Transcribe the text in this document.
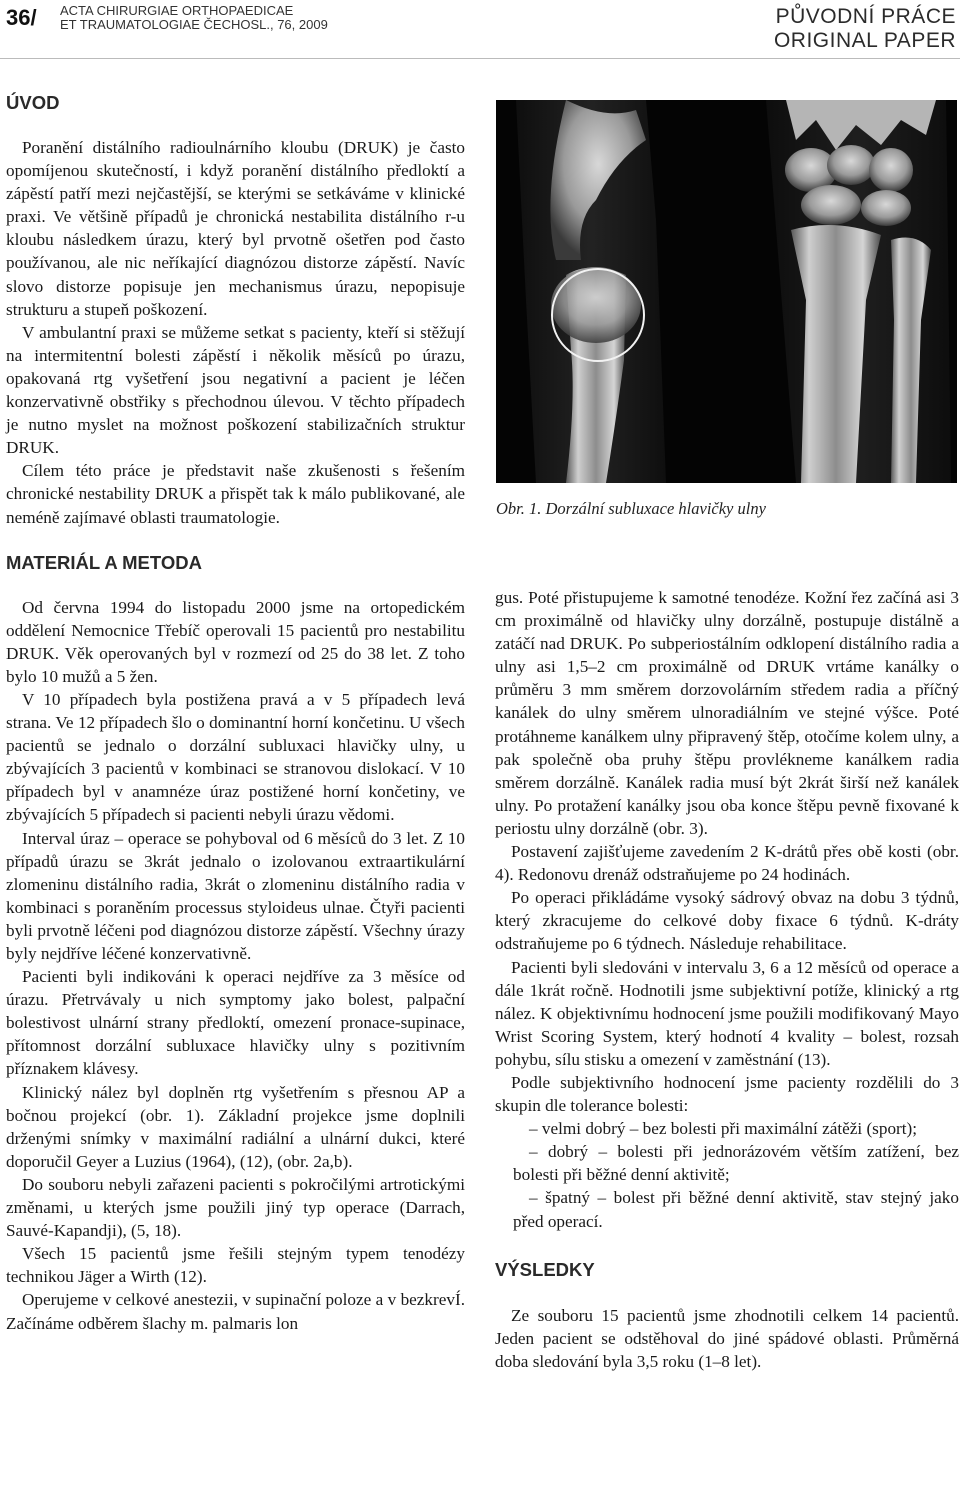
36/ ACTA CHIRURGIAE ORTHOPAEDICAE
ET TRAUMATOLOGIAE ČECHOSL., 76, 2009	PŮVODNÍ PRÁCE
ORIGINAL PAPER
ÚVOD

Poranění distálního radioulnárního kloubu (DRUK) je často opomíjenou skutečností, i když poranění distálního předloktí a zápěstí patří mezi nejčastější, se kterými se setkáváme v klinické praxi. Ve většině případů je chronická nestabilita distálního r-u kloubu následkem úrazu, který byl prvotně ošetřen pod často používanou, ale nic neříkající diagnózou distorze zápěstí. Navíc slovo distorze popisuje jen mechanismus úrazu, nepopisuje strukturu a stupeň poškození.

V ambulantní praxi se můžeme setkat s pacienty, kteří si stěžují na intermitentní bolesti zápěstí i několik měsíců po úrazu, opakovaná rtg vyšetření jsou negativní a pacient je léčen konzervativně obstřiky s přechodnou úlevou. V těchto případech je nutno myslet na možnost poškození stabilizačních struktur DRUK.

Cílem této práce je představit naše zkušenosti s řešením chronické nestability DRUK a přispět tak k málo publikované, ale neméně zajímavé oblasti traumatologie.

MATERIÁL A METODA

Od června 1994 do listopadu 2000 jsme na ortopedickém oddělení Nemocnice Třebíč operovali 15 pacientů pro nestabilitu DRUK. Věk operovaných byl v rozmezí od 25 do 38 let. Z toho bylo 10 mužů a 5 žen.

V 10 případech byla postižena pravá a v 5 případech levá strana. Ve 12 případech šlo o dominantní horní končetinu. U všech pacientů se jednalo o dorzální subluxaci hlavičky ulny, u zbývajících 3 pacientů v kombinaci se stranovou dislokací. V 10 případech byl v anamnéze úraz postižené horní končetiny, ve zbývajících 5 případech si pacienti nebyli úrazu vědomi.

Interval úraz – operace se pohyboval od 6 měsíců do 3 let. Z 10 případů úrazu se 3krát jednalo o izolovanou extraartikulární zlomeninu distálního radia, 3krát o zlomeninu distálního radia v kombinaci s poraněním processus styloideus ulnae. Čtyři pacienti byli prvotně léčeni pod diagnózou distorze zápěstí. Všechny úrazy byly nejdříve léčené konzervativně.

Pacienti byli indikováni k operaci nejdříve za 3 měsíce od úrazu. Přetrvávaly u nich symptomy jako bolest, palpační bolestivost ulnární strany předloktí, omezení pronace-supinace, přítomnost dorzální subluxace hlavičky ulny s pozitivním příznakem klávesy.

Klinický nález byl doplněn rtg vyšetřením s přesnou AP a bočnou projekcí (obr. 1). Základní projekce jsme doplnili drženými snímky v maximální radiální a ulnární dukci, které doporučil Geyer a Luzius (1964), (12), (obr. 2a,b).

Do souboru nebyli zařazeni pacienti s pokročilými artrotickými změnami, u kterých jsme použili jiný typ operace (Darrach, Sauvé-Kapandji), (5, 18).

Všech 15 pacientů jsme řešili stejným typem tenodézy technikou Jäger a Wirth (12).

Operujeme v celkové anestezii, v supinační poloze a v bezkrevÍ. Začínáme odběrem šlachy m. palmaris lon

Obr. 1. Dorzální subluxace hlavičky ulny

gus. Poté přistupujeme k samotné tenodéze. Kožní řez začíná asi 3 cm proximálně od hlavičky ulny dorzálně, postupuje distálně a zatáčí nad DRUK. Po subperiostálním odklopení distálního radia a ulny asi 1,5–2 cm proximálně od DRUK vrtáme kanálky o průměru 3 mm směrem dorzovolárním středem radia a příčný kanálek do ulny směrem ulnoradiálním ve stejné výšce. Poté protáhneme kanálkem ulny připravený štěp, otočíme kolem ulny, a pak společně oba pruhy štěpu provlékneme kanálkem radia směrem dorzálně. Kanálek radia musí být 2krát širší než kanálek ulny. Po protažení kanálky jsou oba konce štěpu pevně fixované k periostu ulny dorzálně (obr. 3).

Postavení zajišťujeme zavedením 2 K-drátů přes obě kosti (obr. 4). Redonovu drenáž odstraňujeme po 24 hodinách.

Po operaci přikládáme vysoký sádrový obvaz na dobu 3 týdnů, který zkracujeme do celkové doby fixace 6 týdnů. K-dráty odstraňujeme po 6 týdnech. Následuje rehabilitace.

Pacienti byli sledováni v intervalu 3, 6 a 12 měsíců od operace a dále 1krát ročně. Hodnotili jsme subjektivní potíže, klinický a rtg nález. K objektivnímu hodnocení jsme použili modifikovaný Mayo Wrist Scoring System, který hodnotí 4 kvality – bolest, rozsah pohybu, sílu stisku a omezení v zaměstnání (13).

Podle subjektivního hodnocení jsme pacienty rozdělili do 3 skupin dle tolerance bolesti:

– velmi dobrý – bez bolesti při maximální zátěži (sport);

– dobrý – bolesti při jednorázovém větším zatížení, bez bolesti při běžné denní aktivitě;

– špatný – bolest při běžné denní aktivitě, stav stejný jako před operací.

VÝSLEDKY

Ze souboru 15 pacientů jsme zhodnotili celkem 14 pacientů. Jeden pacient se odstěhoval do jiné spádové oblasti. Průměrná doba sledování byla 3,5 roku (1–8 let).
